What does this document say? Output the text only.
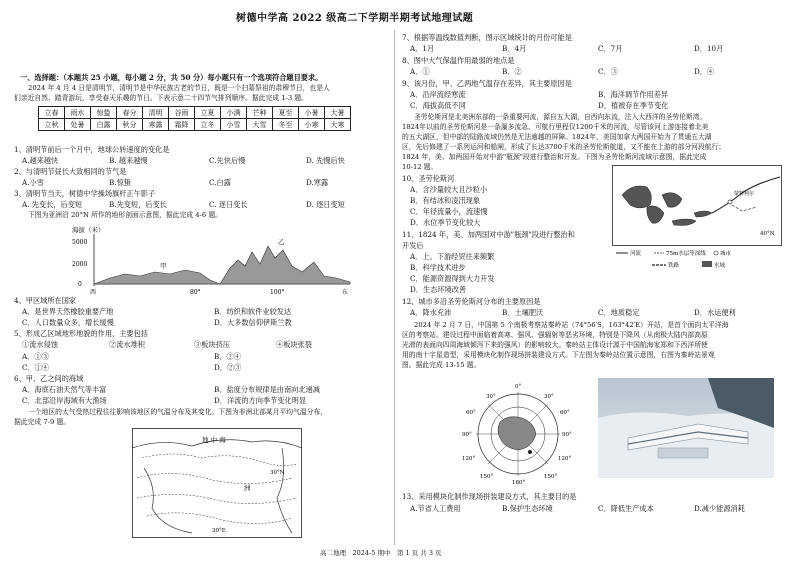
树德中学高 2022 级高二下学期半期考试地理试题
一、选择题：（本题共 25 小题，每小题 2 分，共 50 分）每小题只有一个选项符合题目要求。
2024 年 4 月 4 日是清明节，清明节是中华民族古老的节日，既是一个扫墓祭祖的肃穆节日，也是人
们亲近自然、踏青游玩、享受春天乐趣的节日。下表示意二十四节气排列顺序。据此完成 1-3 题。
立春	雨水	惊蛰	春分	清明	谷雨	立夏	小满	芒种	夏至	小暑	大暑
立秋	处暑	白露	秋分	寒露	霜降	立冬	小雪	大雪	冬至	小寒	大寒
1、清明节前后一个月中，地球公转速度的变化是
A.越来越快	B. 越来越慢	C.先快后慢	D. 先慢后快
2、与清明节昼长大致相同的节气是
A.小雪	B.惊蛰	C.白露	D.寒露
3、清明节当天，树德中学操场旗杆正午影子
A. 先变长，后变短	B.先变短，后变长	C. 逐日变长	D. 逐日变短
下图为亚洲沿 20°N 所作的地形剖面示意图，据此完成 4-6 题。
海拔（米）
5000
2000
0
甲
乙
西	80°	100°	东
4、甲区域所在国家
A．是世界天然橡胶重要产地	B．纺织和软件业较发达
C．人口数量众多，增长缓慢	D．大多数信仰伊斯兰教
5、形成乙区域地形地貌的作用，主要包括
①流水侵蚀	②流水堆积	③板块挤压	④板块张裂
A．①③	B．②④
C．①④	D．②③
6、甲、乙之间的海域
A．海底石油天然气等丰富	B．盐度分布规律是由南向北递减
C．北部沿岸海域有大渔场	D．洋流的方向季节变化明显
一个地区的太气受热过程往往影响该地区的气温分布及其变化。下图为非洲北部某月平均气温分布，
据此完成 7-9 题。
地 中 海
洲
30°N
30°E
7、根据等温线数值判断，图示区域统计的月份可能是
A．1月	B．4月	C．7月	D．10月
8、图中大气保温作用最弱的地点是
A．①	B．②	C．③	D．④
9、该月份，甲、乙两地气温存在差异，其主要原因是
A．沿岸流经寒流	B．海洋调节作用差异
C．海拔高低不同	D．植被存在季节变化
圣劳伦斯河是北美洲东部的一条重要河流，源自五大湖，自西向东流，注入大西洋的圣劳伦斯湾。
1824年以前的圣劳伦斯河是一条瀑多流急、可航行里程仅1200千米的河流，尽管该河上游连接着北美
的五大湖区，但中部的陆路流域仍然是无法逾越的屏障。1824年，美国加拿大两国开始为了贯通五大湖
区，先后修建了一系列运河和船闸，形成了长达3700千米的圣劳伦斯航道，又不能在上游的部分河段航行；
1824 年，美、加两国开始对中游"瓶颈"段进行整治和开发。下图为圣劳伦斯河流域示意图，据此完成
10-12 题。
10、圣劳伦斯河
A．含沙量较大且沙粒小
B．有结冰和凌汛现象
C．年径流量小，流速慢
D．水位季节变化较大
11、1824 年，美、加两国对中游"瓶颈"段进行整治和
开发后
A．上、下游经贸往来频繁
B．科学技术进步
C．能源资源得到大力开发
D．生态环境改善
蒙特利尔
40°N
河流	75m水层等深线	城市
铁路	水域
12、城市多沿圣劳伦斯河分布的主要原因是
A．降水充沛	B．土壤肥沃	C．地质稳定	D．水运便利
2024 年 2 月 7 日，中国第 5 个南极考察站秦岭站（74°56′S，163°42′E）开站，是首个面向太平洋海
区的考察站。建设过程中面临着高寒、强风、强辐射等恶劣环境，特别是下降风（从南极大陆内部高原
光滑的表面向四周海域倾泻下来的强风）的影响较大。秦岭站主体设计源于中国航海家郑和下西洋所使
用的南十字星造型，采用模块化制作现场拼装建设方式。下左图为秦岭站位置示意图，右图为秦岭站景观
图。据此完成 13-15 题。
0°
30°	30°
60°	60°
90°	90°
120°	120°
150°	150°
180°
13、采用模块化制作现场拼装建设方式，其主要目的是
A.节省人工费用	B.保护生态环境	C．降低生产成本	D.减少能源消耗
高二地理　2024-5 期中　第 1 页 共 3 页
